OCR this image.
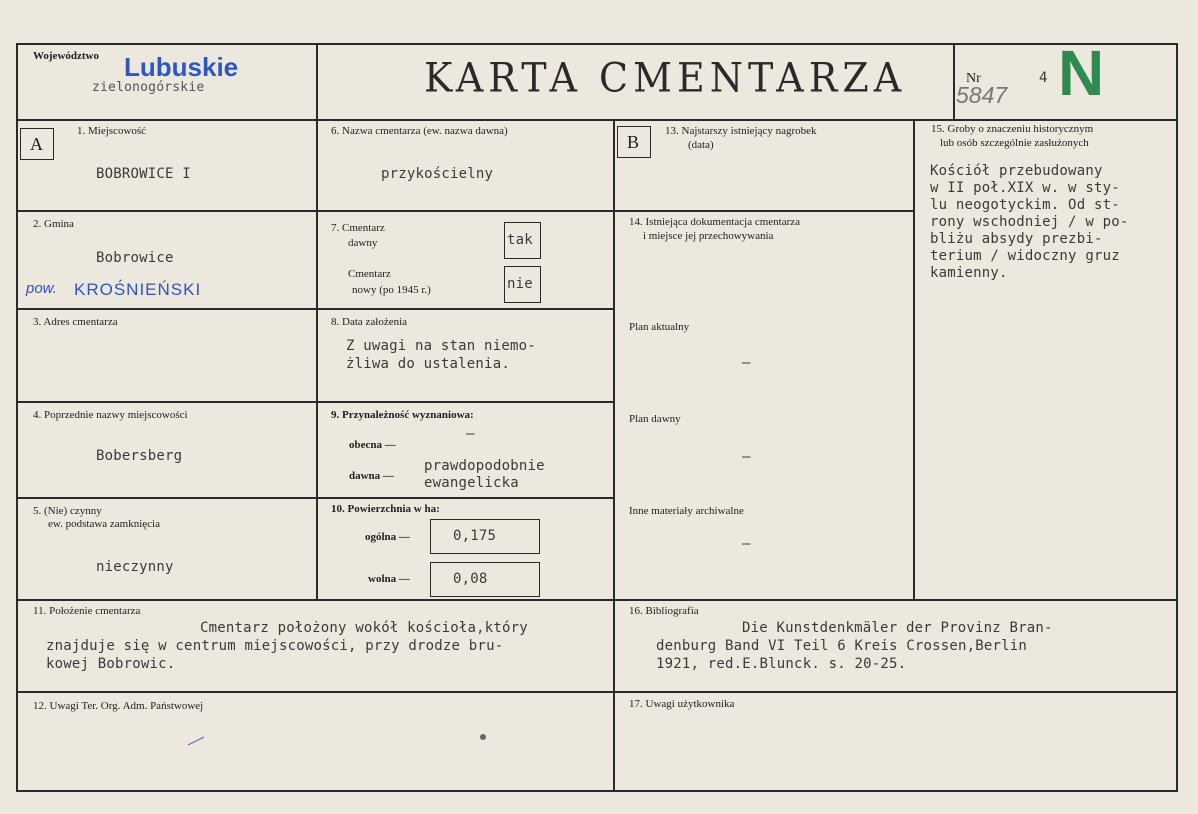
Województwo Lubuskie
zielonogórskie	KARTA CMENTARZA	Nr	4
5847 N
A
1. Miejscowość
BOBROWICE I
2. Gmina
Bobrowice
pow. KROŚNIEŃSKI
3. Adres cmentarza
4. Poprzednie nazwy miejscowości
Bobersberg
5. (Nie) czynny
ew. podstawa zamknięcia
nieczynny
6. Nazwa cmentarza (ew. nazwa dawna)
przykościelny
7. Cmentarz
dawny	tak
Cmentarz
nowy (po 1945 r.)	nie
8. Data założenia
Z uwagi na stan niemo-
żliwa do ustalenia.
9. Przynależność wyznaniowa:
obecna —
–
dawna —
prawdopodobnie
ewangelicka
10. Powierzchnia w ha:
ogólna —	0,175
wolna —	0,08
B
13. Najstarszy istniejący nagrobek
(data)
14. Istniejąca dokumentacja cmentarza
i miejsce jej przechowywania
Plan aktualny
–
Plan dawny
–
Inne materiały archiwalne
–
15. Groby o znaczeniu historycznym
lub osób szczególnie zasłużonych
Kościół przebudowany
w II poł.XIX w. w sty-
lu neogotyckim. Od st-
rony wschodniej / w po-
bliżu absydy prezbi-
terium / widoczny gruz
kamienny.
11. Położenie cmentarza
Cmentarz położony wokół kościoła,który
znajduje się w centrum miejscowości, przy drodze bru-
kowej Bobrowic.
16. Bibliografia
Die Kunstdenkmäler der Provinz Bran-
denburg Band VI Teil 6 Kreis Crossen,Berlin
1921, red.E.Blunck. s. 20-25.
12. Uwagi Ter. Org. Adm. Państwowej	17. Uwagi użytkownika
